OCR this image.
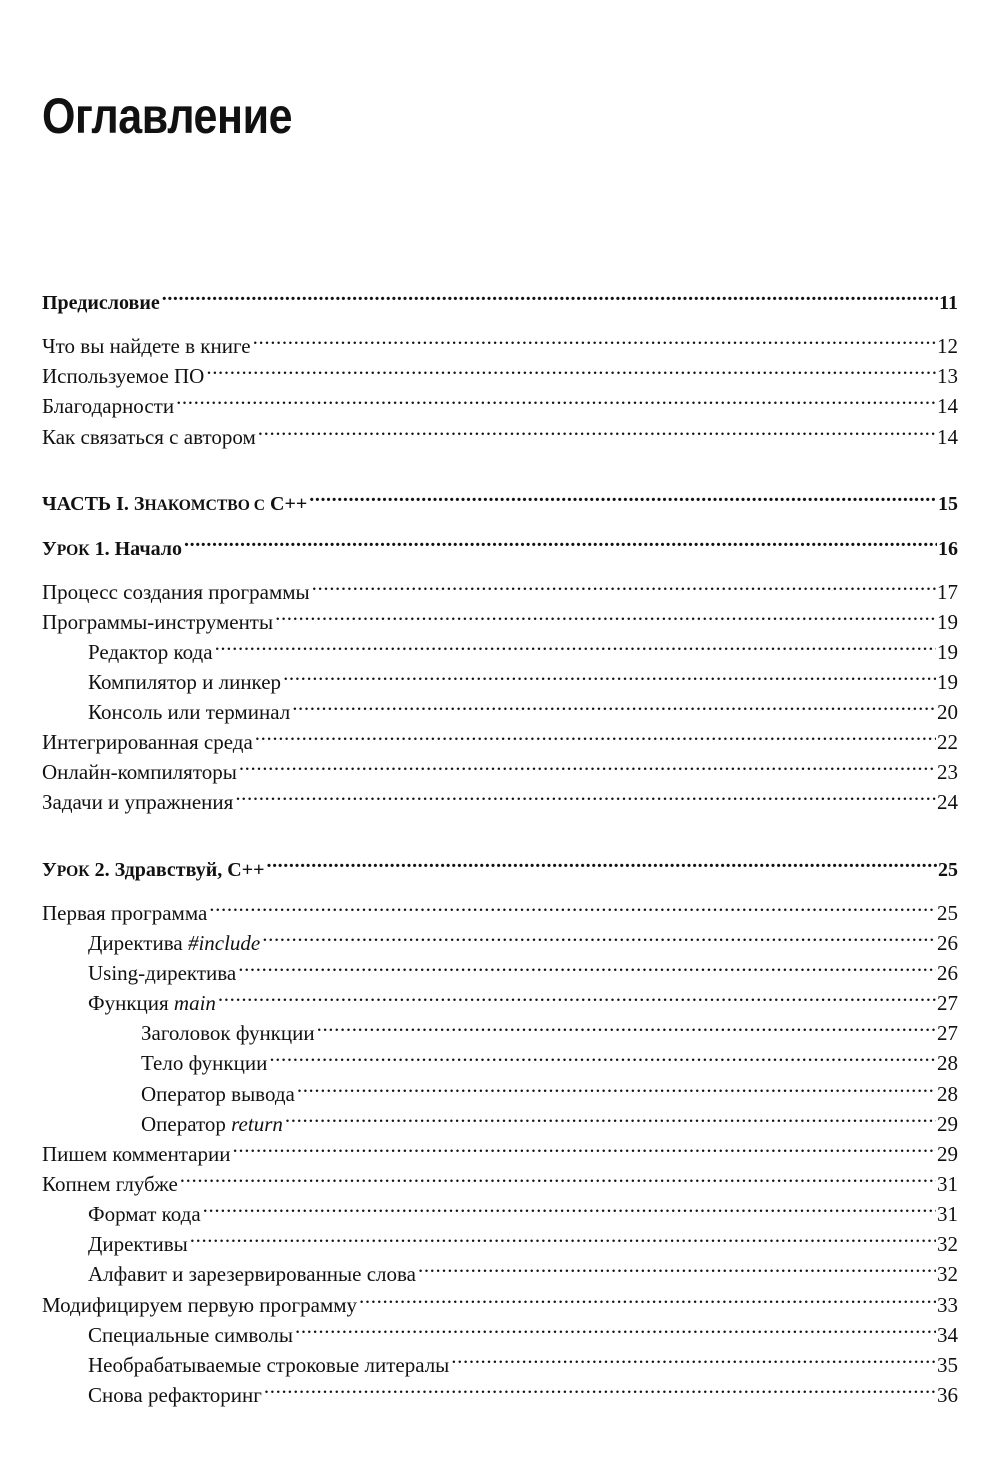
Оглавление
Предисловие .....	11
Что вы найдете в книге .....	12
Используемое ПО .....	13
Благодарности .....	14
Как связаться с автором .....	14
ЧАСТЬ I. ЗНАКОМСТВО С C++ .....	15
УРОК 1. Начало .....	16
Процесс создания программы .....	17
Программы-инструменты .....	19
Редактор кода .....	19
Компилятор и линкер .....	19
Консоль или терминал .....	20
Интегрированная среда .....	22
Онлайн-компиляторы .....	23
Задачи и упражнения .....	24
УРОК 2. Здравствуй, C++ .....	25
Первая программа .....	25
Директива #include .....	26
Using-директива .....	26
Функция main .....	27
Заголовок функции .....	27
Тело функции .....	28
Оператор вывода .....	28
Оператор return .....	29
Пишем комментарии .....	29
Копнем глубже .....	31
Формат кода .....	31
Директивы .....	32
Алфавит и зарезервированные слова .....	32
Модифицируем первую программу .....	33
Специальные символы .....	34
Необрабатываемые строковые литералы .....	35
Снова рефакторинг .....	36
